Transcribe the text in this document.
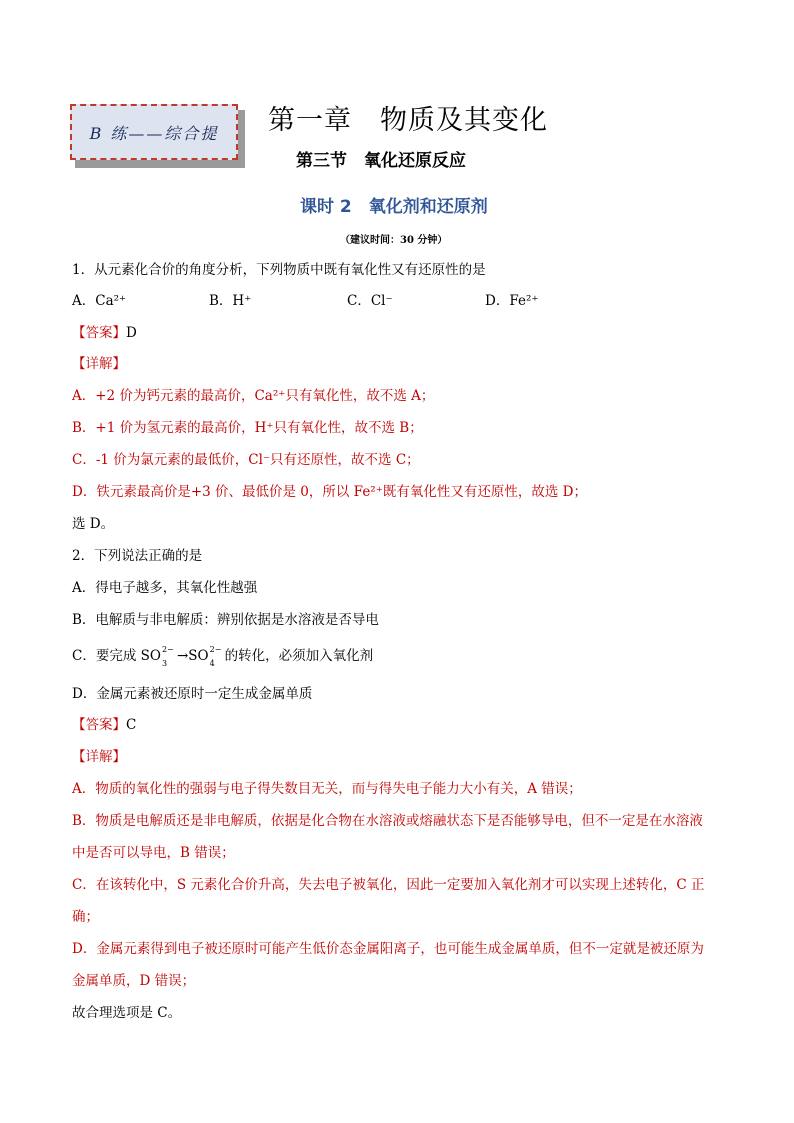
B 练——综合提	第一章　物质及其变化
第三节　氧化还原反应
课时 2　氧化剂和还原剂
（建议时间：30 分钟）
1．从元素化合价的角度分析，下列物质中既有氧化性又有还原性的是
A．Ca²⁺	B．H⁺	C．Cl⁻	D．Fe²⁺
【答案】D
【详解】
A．+2 价为钙元素的最高价，Ca²⁺只有氧化性，故不选 A；
B．+1 价为氢元素的最高价，H⁺只有氧化性，故不选 B；
C．-1 价为氯元素的最低价，Cl⁻只有还原性，故不选 C；
D．铁元素最高价是+3 价、最低价是 0，所以 Fe²⁺既有氧化性又有还原性，故选 D；
选 D。
2．下列说法正确的是
A．得电子越多，其氧化性越强
B．电解质与非电解质：辨别依据是水溶液是否导电
C．要完成 SO 2−
3 →SO 2−
4 的转化，必须加入氧化剂
D．金属元素被还原时一定生成金属单质
【答案】C
【详解】
A．物质的氧化性的强弱与电子得失数目无关，而与得失电子能力大小有关，A 错误；
B．物质是电解质还是非电解质，依据是化合物在水溶液或熔融状态下是否能够导电，但不一定是在水溶液
中是否可以导电，B 错误；
C．在该转化中，S 元素化合价升高，失去电子被氧化，因此一定要加入氧化剂才可以实现上述转化，C 正
确；
D．金属元素得到电子被还原时可能产生低价态金属阳离子，也可能生成金属单质，但不一定就是被还原为
金属单质，D 错误；
故合理选项是 C。
